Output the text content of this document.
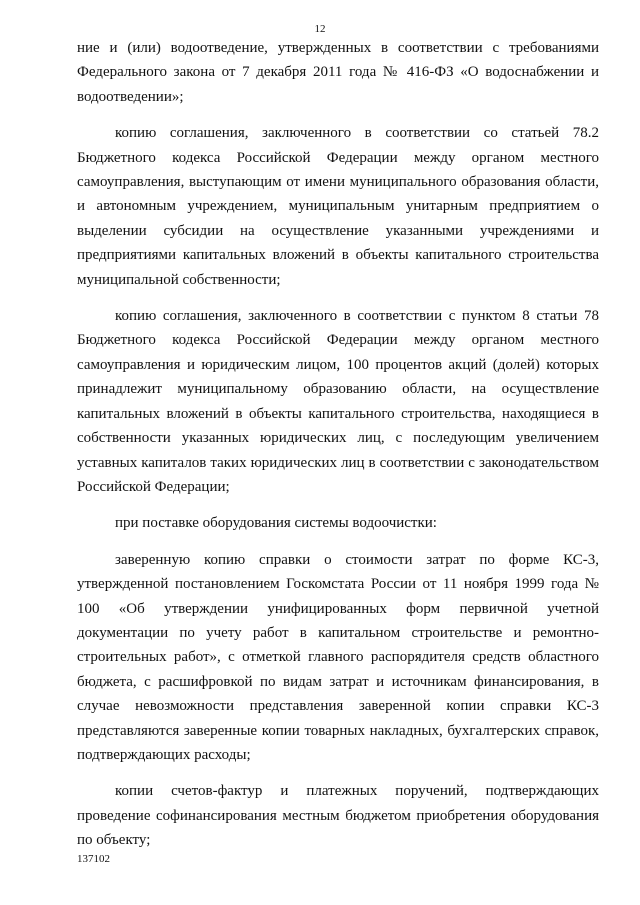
12

ние и (или) водоотведение, утвержденных в соответствии с требованиями Федерального закона от 7 декабря 2011 года № 416-ФЗ «О водоснабжении и водоотведении»;

копию соглашения, заключенного в соответствии со статьей 78.2 Бюджетного кодекса Российской Федерации между органом местного самоуправления, выступающим от имени муниципального образования области, и автономным учреждением, муниципальным унитарным предприятием о выделении субсидии на осуществление указанными учреждениями и предприятиями капитальных вложений в объекты капитального строительства муниципальной собственности;

копию соглашения, заключенного в соответствии с пунктом 8 статьи 78 Бюджетного кодекса Российской Федерации между органом местного самоуправления и юридическим лицом, 100 процентов акций (долей) которых принадлежит муниципальному образованию области, на осуществление капитальных вложений в объекты капитального строительства, находящиеся в собственности указанных юридических лиц, с последующим увеличением уставных капиталов таких юридических лиц в соответствии с законодательством Российской Федерации;

при поставке оборудования системы водоочистки:

заверенную копию справки о стоимости затрат по форме КС-3, утвержденной постановлением Госкомстата России от 11 ноября 1999 года № 100 «Об утверждении унифицированных форм первичной учетной документации по учету работ в капитальном строительстве и ремонтно-строительных работ», с отметкой главного распорядителя средств областного бюджета, с расшифровкой по видам затрат и источникам финансирования, в случае невозможности представления заверенной копии справки КС-3 представляются заверенные копии товарных накладных, бухгалтерских справок, подтверждающих расходы;

копии счетов-фактур и платежных поручений, подтверждающих проведение софинансирования местным бюджетом приобретения оборудования по объекту;

137102
